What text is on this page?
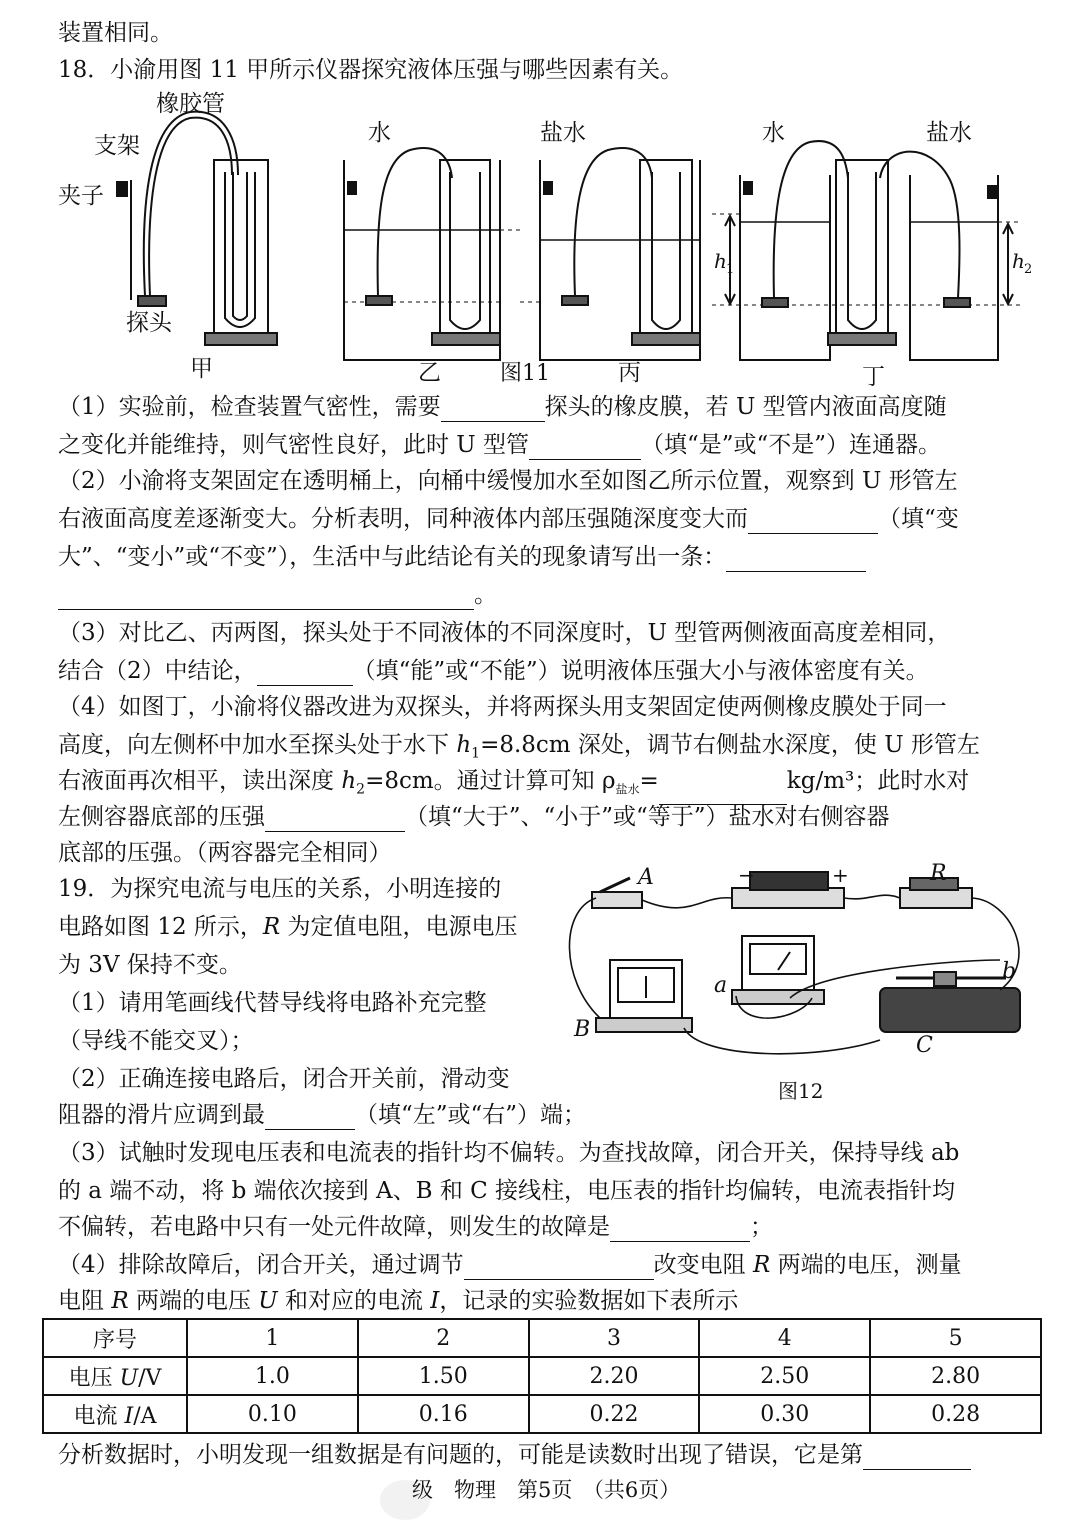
装置相同。
18．小渝用图 11 甲所示仪器探究液体压强与哪些因素有关。
橡胶管
支架
夹子
探头
水	盐水	水	盐水
h 1	h 2
甲	乙	图11	丙	丁
（1）实验前，检查装置气密性，需要	探头的橡皮膜，若 U 型管内液面高度随
之变化并能维持，则气密性良好，此时 U 型管	（填“是”或“不是”）连通器。
（2）小渝将支架固定在透明桶上，向桶中缓慢加水至如图乙所示位置，观察到 U 形管左
右液面高度差逐渐变大。分析表明，同种液体内部压强随深度变大而	（填“变
大”、“变小”或“不变”），生活中与此结论有关的现象请写出一条：
。
（3）对比乙、丙两图，探头处于不同液体的不同深度时，U 型管两侧液面高度差相同，
结合（2）中结论，	（填“能”或“不能”）说明液体压强大小与液体密度有关。
（4）如图丁，小渝将仪器改进为双探头，并将两探头用支架固定使两侧橡皮膜处于同一
高度，向左侧杯中加水至探头处于水下 $h_1=8.8cm$ 深处，调节右侧盐水深度，使 U 形管左
右液面再次相平，读出深度 $h_2=8cm$。通过计算可知 $\rho_{盐水}=$	kg/m³；此时水对
左侧容器底部的压强	（填“大于”、“小于”或“等于”）盐水对右侧容器
底部的压强。（两容器完全相同）
19．为探究电流与电压的关系，小明连接的
电路如图 12 所示，R 为定值电阻，电源电压
为 3V 保持不变。
（1）请用笔画线代替导线将电路补充完整
（导线不能交叉）；
（2）正确连接电路后，闭合开关前，滑动变
阻器的滑片应调到最	（填“左”或“右”）端；
A	−	+	R
a
b
B
C
图12
（3）试触时发现电压表和电流表的指针均不偏转。为查找故障，闭合开关，保持导线 ab
的 a 端不动，将 b 端依次接到 A、B 和 C 接线柱，电压表的指针均偏转，电流表指针均
不偏转，若电路中只有一处元件故障，则发生的故障是	；
（4）排除故障后，闭合开关，通过调节	改变电阻 R 两端的电压，测量
电阻 R 两端的电压 U 和对应的电流 I，记录的实验数据如下表所示
序号	1	2	3	4	5
电压 U/V	1.0	1.50	2.20	2.50	2.80
电流 I/A	0.10	0.16	0.22	0.30	0.28
分析数据时，小明发现一组数据是有问题的，可能是读数时出现了错误，它是第
级　物理　第5页　（共6页）
